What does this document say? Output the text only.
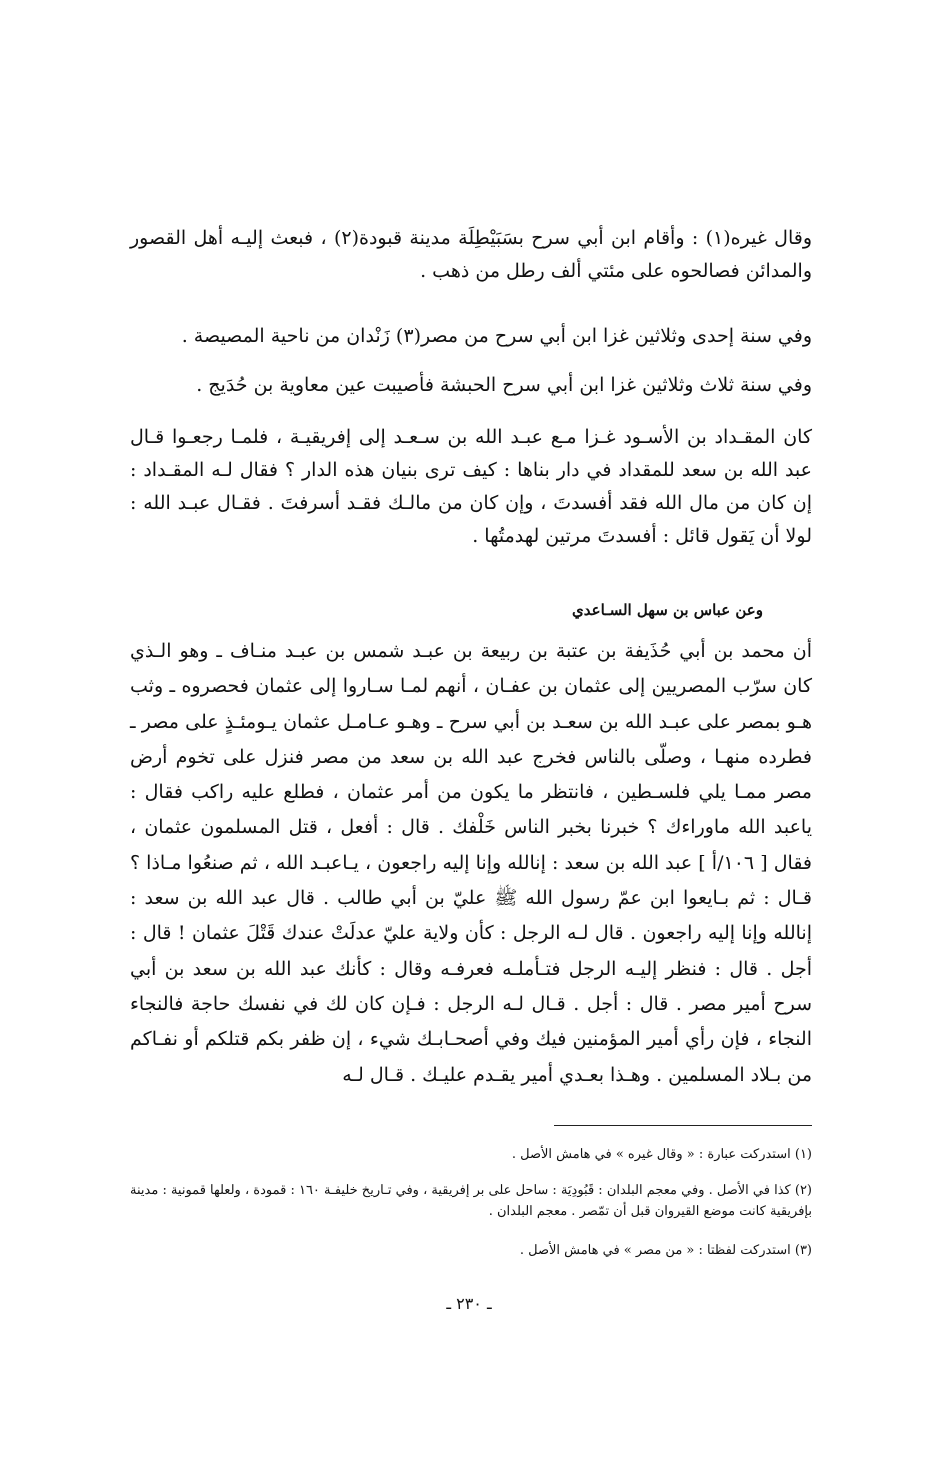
وقال غيره(١) : وأقام ابن أبي سرح بسَبَيْطِلَة مدينة قبودة(٢) ، فبعث إليـه أهل القصور والمدائن فصالحوه على مئتي ألف رطل من ذهب .

وفي سنة إحدى وثلاثين غزا ابن أبي سرح من مصر(٣) زَنْدان من ناحية المصيصة .

وفي سنة ثلاث وثلاثين غزا ابن أبي سرح الحبشة فأصيبت عين معاوية بن حُدَيج .

كان المقـداد بن الأسـود غـزا مـع عبـد الله بن سـعـد إلى إفريقيـة ، فلمـا رجعـوا قـال عبد الله بن سعد للمقداد في دار بناها : كيف ترى بنيان هذه الدار ؟ فقال لـه المقـداد : إن كان من مال الله فقد أفسدتَ ، وإن كان من مالـك فقـد أسرفتَ . فقـال عبـد الله : لولا أن يَقول قائل : أفسدتَ مرتين لهدمتُها .

وعن عباس بن سهل السـاعدي

أن محمد بن أبي حُذَيفة بن عتبة بن ربيعة بن عبـد شمس بن عبـد منـاف ـ وهو الـذي كان سرّب المصريين إلى عثمان بن عفـان ، أنهم لمـا سـاروا إلى عثمان فحصروه ـ وثب هـو بمصر على عبـد الله بن سعـد بن أبي سرح ـ وهـو عـامـل عثمان يـومئـذٍ على مصر ـ فطرده منهـا ، وصلّى بالناس فخرج عبد الله بن سعد من مصر فنزل على تخوم أرض مصر ممـا يلي فلسـطين ، فانتظر ما يكون من أمر عثمان ، فطلع عليه راكب فقال : ياعبد الله ماوراءك ؟ خبرنا بخبر الناس خَلْفك . قال : أفعل ، قتل المسلمون عثمان ، فقال [ ١٠٦/أ ] عبد الله بن سعد : إنالله وإنا إليه راجعون ، يـاعبـد الله ، ثم صنعُوا مـاذا ؟ قـال : ثم بـايعوا ابن عمّ رسول الله ﷺ عليّ بن أبي طالب . قال عبد الله بن سعد : إنالله وإنا إليه راجعون . قال لـه الرجل : كأن ولاية عليّ عدلَتْ عندك قَتْلَ عثمان ! قال : أجل . قال : فنظر إليـه الرجل فتـأملـه فعرفـه وقال : كأنك عبد الله بن سعد بن أبي سرح أمير مصر . قال : أجل . قـال لـه الرجل : فـإن كان لك في نفسك حاجة فالنجاء النجاء ، فإن رأي أمير المؤمنين فيك وفي أصحـابـك شيء ، إن ظفر بكم قتلكم أو نفـاكم من بـلاد المسلمين . وهـذا بعـدي أمير يقـدم عليـك . قـال لـه

(١) استدركت عبارة : « وقال غيره » في هامش الأصل .

(٢) كذا في الأصل . وفي معجم البلدان : قَبُودِيَة : ساحل على بر إفريقية ، وفي تـاريخ خليفـة ١٦٠ : قمودة ، ولعلها قمونية : مدينة بإفريقية كانت موضع القيروان قبل أن تمّصر . معجم البلدان .

(٣) استدركت لفظتا : « من مصر » في هامش الأصل .

ـ ٢٣٠ ـ
